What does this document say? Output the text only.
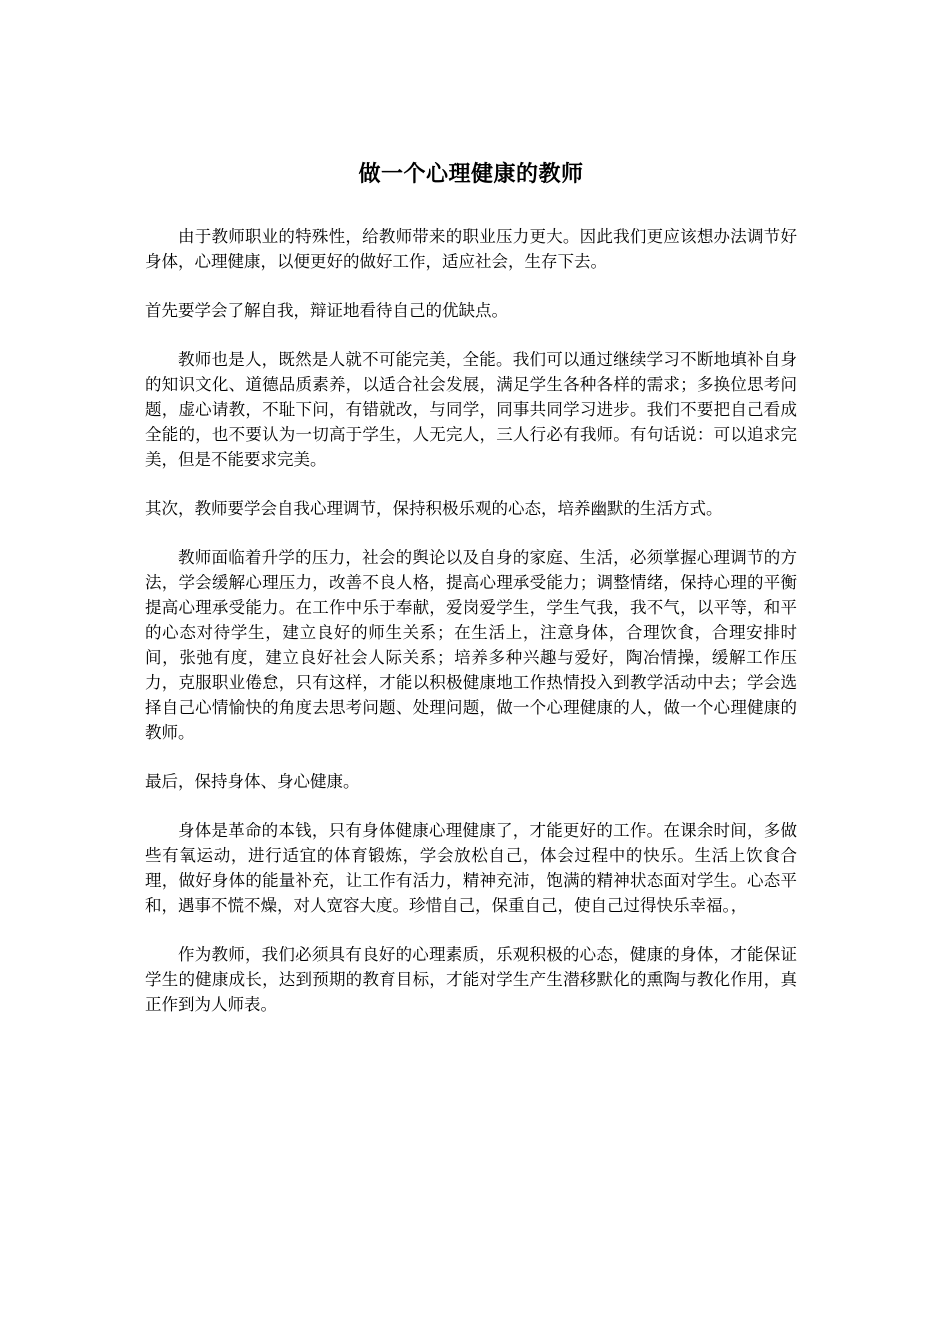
做一个心理健康的教师

由于教师职业的特殊性，给教师带来的职业压力更大。因此我们更应该想办法调节好身体，心理健康，以便更好的做好工作，适应社会，生存下去。

首先要学会了解自我，辩证地看待自己的优缺点。

教师也是人，既然是人就不可能完美，全能。我们可以通过继续学习不断地填补自身的知识文化、道德品质素养，以适合社会发展，满足学生各种各样的需求；多换位思考问题，虚心请教，不耻下问，有错就改，与同学，同事共同学习进步。我们不要把自己看成全能的，也不要认为一切高于学生，人无完人，三人行必有我师。有句话说：可以追求完美，但是不能要求完美。

其次，教师要学会自我心理调节，保持积极乐观的心态，培养幽默的生活方式。

教师面临着升学的压力，社会的舆论以及自身的家庭、生活，必须掌握心理调节的方法，学会缓解心理压力，改善不良人格，提高心理承受能力；调整情绪，保持心理的平衡提高心理承受能力。在工作中乐于奉献，爱岗爱学生，学生气我，我不气，以平等，和平的心态对待学生，建立良好的师生关系；在生活上，注意身体，合理饮食，合理安排时间，张弛有度，建立良好社会人际关系；培养多种兴趣与爱好，陶冶情操，缓解工作压力，克服职业倦怠，只有这样，才能以积极健康地工作热情投入到教学活动中去；学会选择自己心情愉快的角度去思考问题、处理问题，做一个心理健康的人，做一个心理健康的教师。

最后，保持身体、身心健康。

身体是革命的本钱，只有身体健康心理健康了，才能更好的工作。在课余时间，多做些有氧运动，进行适宜的体育锻炼，学会放松自己，体会过程中的快乐。生活上饮食合理，做好身体的能量补充，让工作有活力，精神充沛，饱满的精神状态面对学生。心态平和，遇事不慌不燥，对人宽容大度。珍惜自己，保重自己，使自己过得快乐幸福。，

作为教师，我们必须具有良好的心理素质，乐观积极的心态，健康的身体，才能保证学生的健康成长，达到预期的教育目标，才能对学生产生潜移默化的熏陶与教化作用，真正作到为人师表。
